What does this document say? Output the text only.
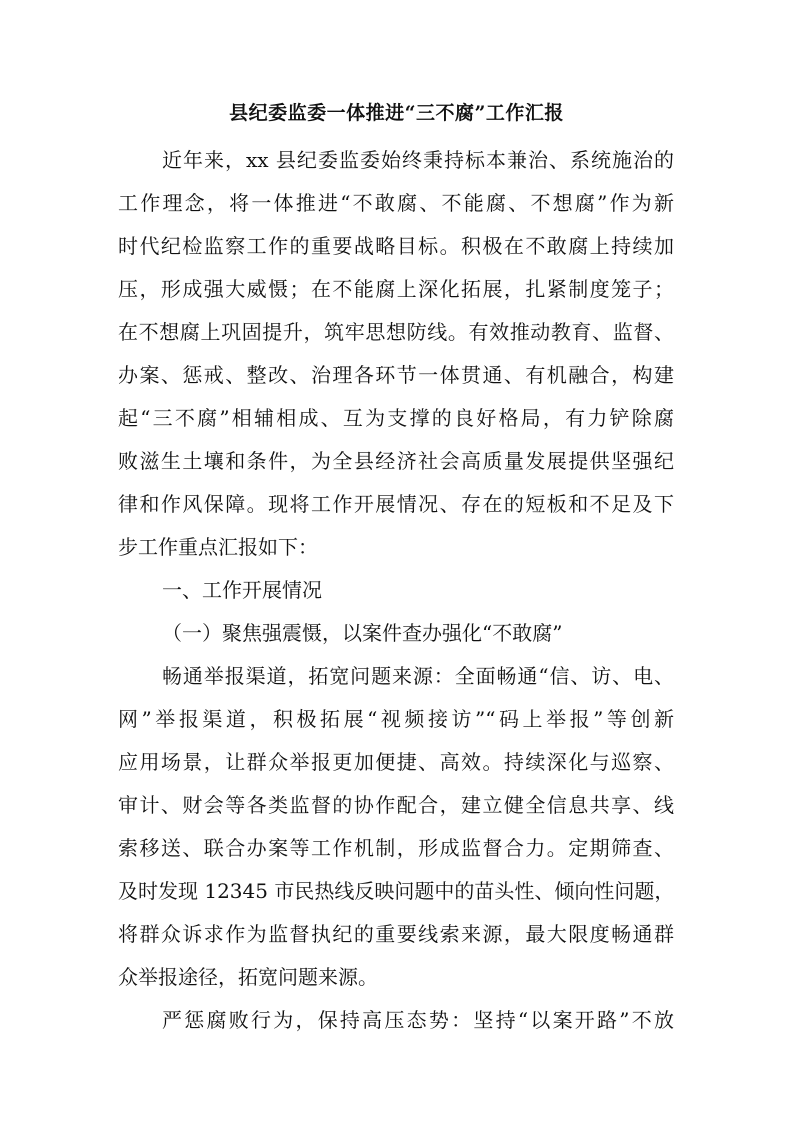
县纪委监委一体推进“三不腐”工作汇报
近年来，xx 县纪委监委始终秉持标本兼治、系统施治的
工作理念，将一体推进“不敢腐、不能腐、不想腐”作为新
时代纪检监察工作的重要战略目标。积极在不敢腐上持续加
压，形成强大威慑；在不能腐上深化拓展，扎紧制度笼子；
在不想腐上巩固提升，筑牢思想防线。有效推动教育、监督、
办案、惩戒、整改、治理各环节一体贯通、有机融合，构建
起“三不腐”相辅相成、互为支撑的良好格局，有力铲除腐
败滋生土壤和条件，为全县经济社会高质量发展提供坚强纪
律和作风保障。现将工作开展情况、存在的短板和不足及下
步工作重点汇报如下：
一、工作开展情况
（一）聚焦强震慑，以案件查办强化“不敢腐”
畅通举报渠道，拓宽问题来源：全面畅通“信、访、电、
网”举报渠道，积极拓展“视频接访”“码上举报”等创新
应用场景，让群众举报更加便捷、高效。持续深化与巡察、
审计、财会等各类监督的协作配合，建立健全信息共享、线
索移送、联合办案等工作机制，形成监督合力。定期筛查、
及时发现 12345 市民热线反映问题中的苗头性、倾向性问题，
将群众诉求作为监督执纪的重要线索来源，最大限度畅通群
众举报途径，拓宽问题来源。
严惩腐败行为，保持高压态势：坚持“以案开路”不放
